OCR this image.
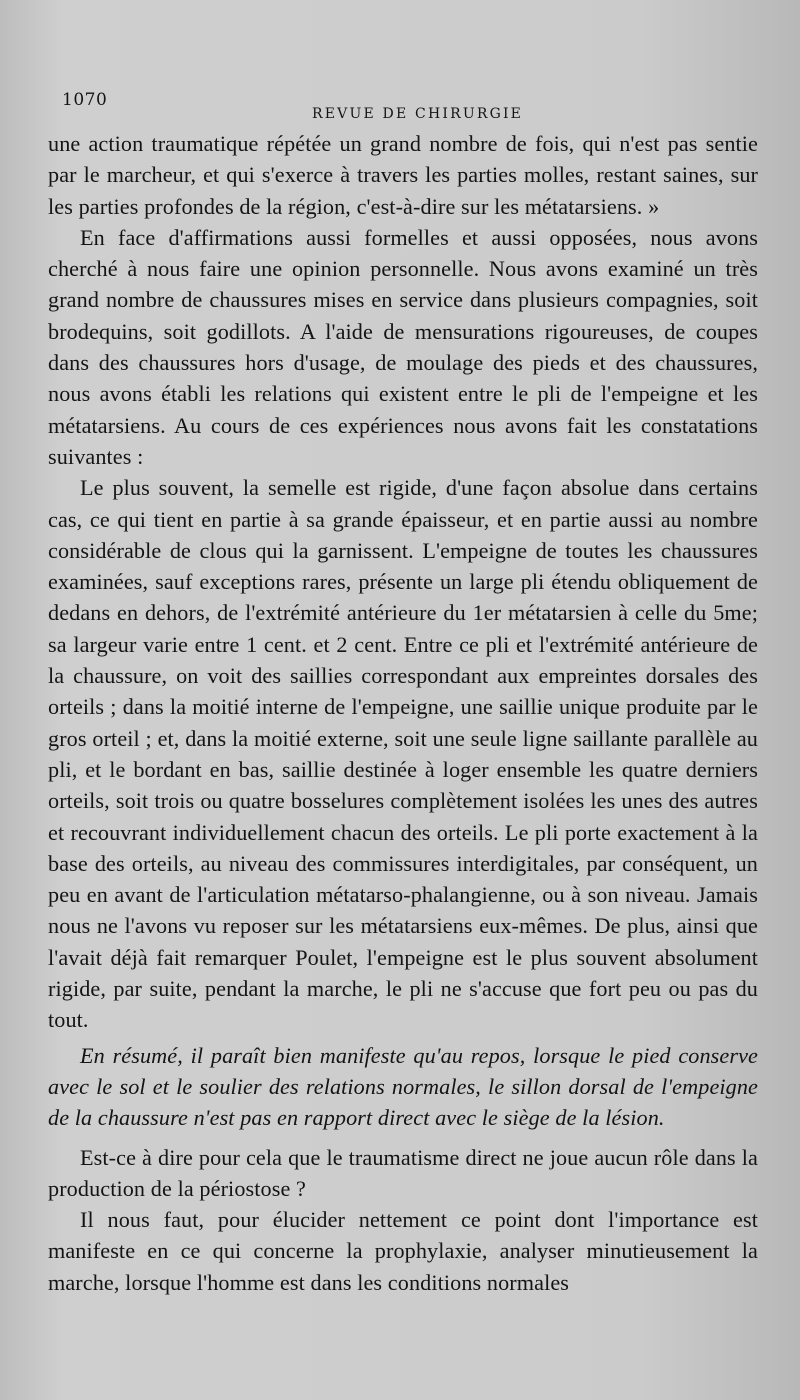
1070
REVUE DE CHIRURGIE

une action traumatique répétée un grand nombre de fois, qui n'est pas sentie par le marcheur, et qui s'exerce à travers les parties molles, restant saines, sur les parties profondes de la région, c'est-à-dire sur les métatarsiens. »

En face d'affirmations aussi formelles et aussi opposées, nous avons cherché à nous faire une opinion personnelle. Nous avons examiné un très grand nombre de chaussures mises en service dans plusieurs compagnies, soit brodequins, soit godillots. A l'aide de mensurations rigoureuses, de coupes dans des chaussures hors d'usage, de moulage des pieds et des chaussures, nous avons établi les relations qui existent entre le pli de l'empeigne et les métatarsiens. Au cours de ces expériences nous avons fait les constatations suivantes :

Le plus souvent, la semelle est rigide, d'une façon absolue dans certains cas, ce qui tient en partie à sa grande épaisseur, et en partie aussi au nombre considérable de clous qui la garnissent. L'empeigne de toutes les chaussures examinées, sauf exceptions rares, présente un large pli étendu obliquement de dedans en dehors, de l'extrémité antérieure du 1er métatarsien à celle du 5me; sa largeur varie entre 1 cent. et 2 cent. Entre ce pli et l'extrémité antérieure de la chaussure, on voit des saillies correspondant aux empreintes dorsales des orteils ; dans la moitié interne de l'empeigne, une saillie unique produite par le gros orteil ; et, dans la moitié externe, soit une seule ligne saillante parallèle au pli, et le bordant en bas, saillie destinée à loger ensemble les quatre derniers orteils, soit trois ou quatre bosselures complètement isolées les unes des autres et recouvrant individuellement chacun des orteils. Le pli porte exactement à la base des orteils, au niveau des commissures interdigitales, par conséquent, un peu en avant de l'articulation métatarso-phalangienne, ou à son niveau. Jamais nous ne l'avons vu reposer sur les métatarsiens eux-mêmes. De plus, ainsi que l'avait déjà fait remarquer Poulet, l'empeigne est le plus souvent absolument rigide, par suite, pendant la marche, le pli ne s'accuse que fort peu ou pas du tout.

En résumé, il paraît bien manifeste qu'au repos, lorsque le pied conserve avec le sol et le soulier des relations normales, le sillon dorsal de l'empeigne de la chaussure n'est pas en rapport direct avec le siège de la lésion.

Est-ce à dire pour cela que le traumatisme direct ne joue aucun rôle dans la production de la périostose ?

Il nous faut, pour élucider nettement ce point dont l'importance est manifeste en ce qui concerne la prophylaxie, analyser minutieusement la marche, lorsque l'homme est dans les conditions normales
